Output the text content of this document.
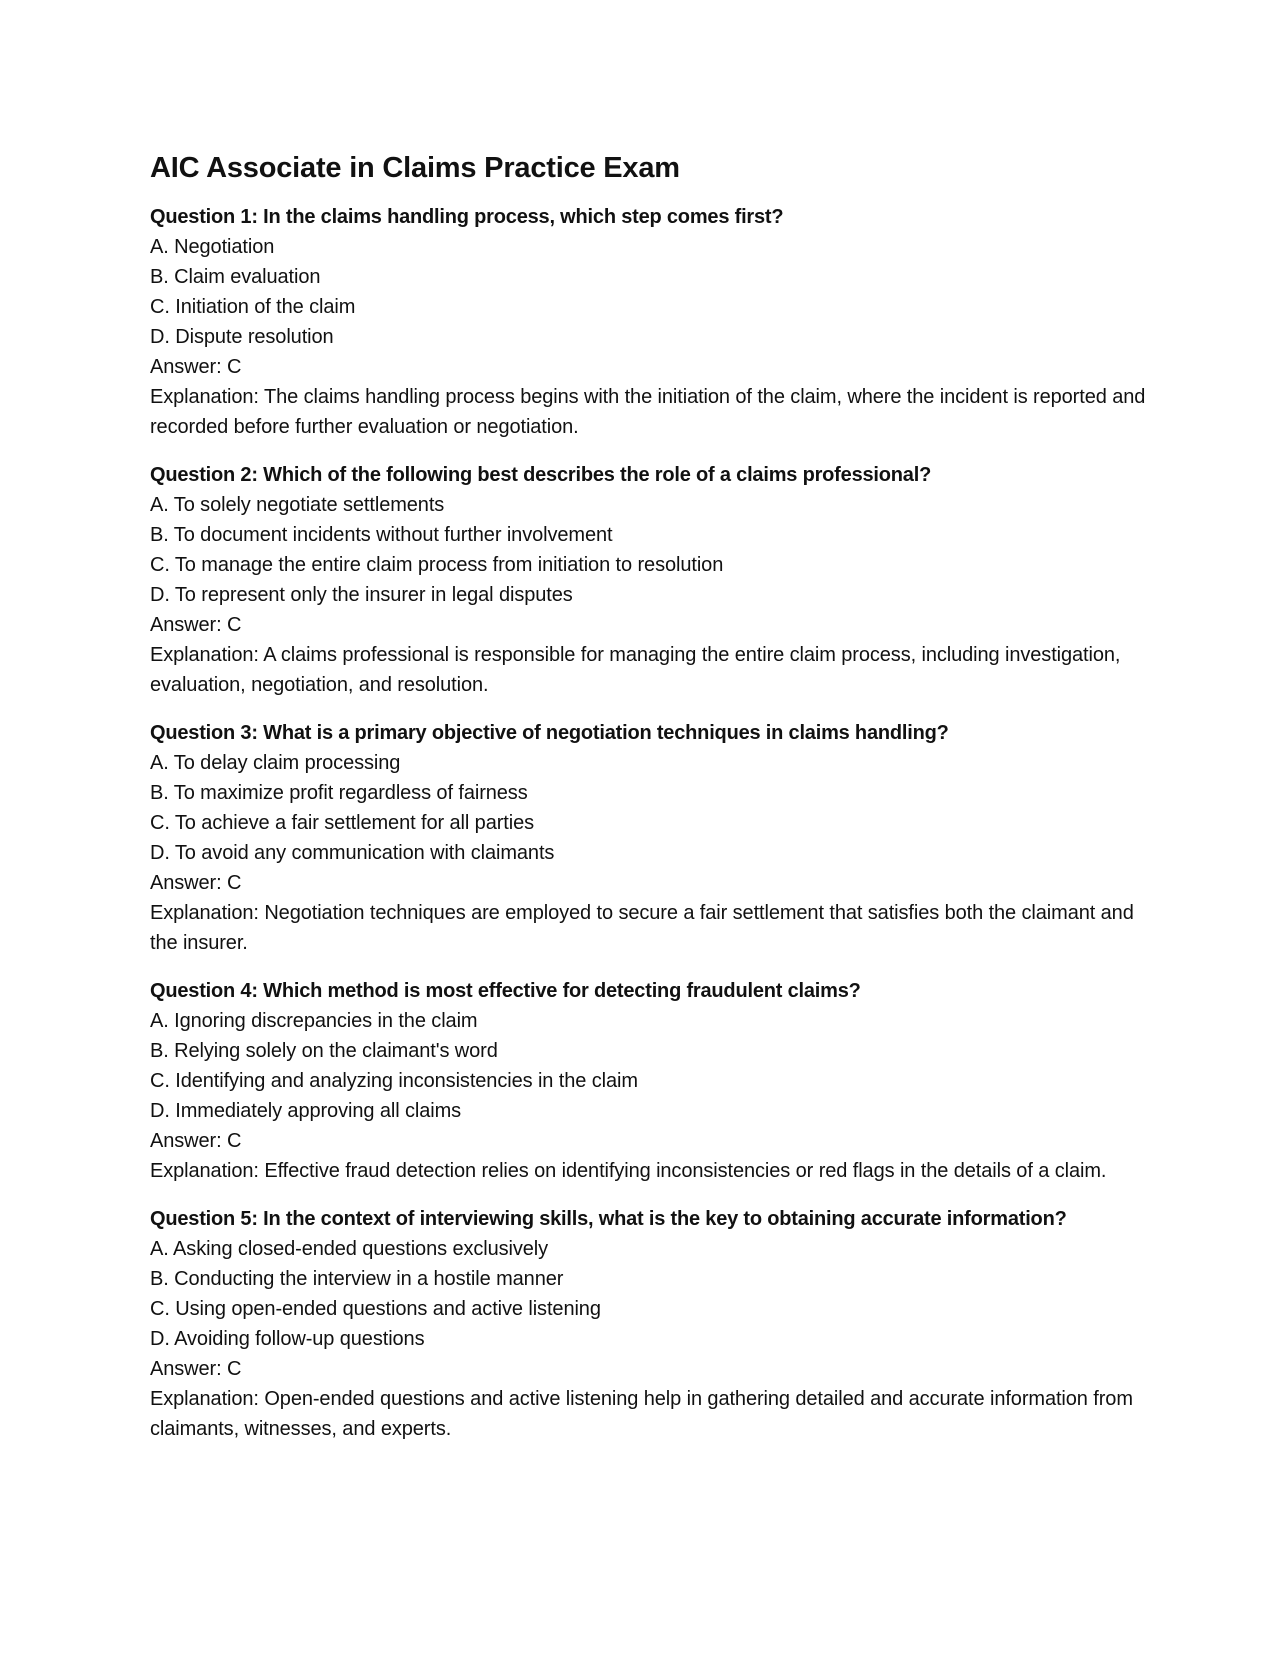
AIC Associate in Claims Practice Exam
Question 1: In the claims handling process, which step comes first?
A. Negotiation
B. Claim evaluation
C. Initiation of the claim
D. Dispute resolution
Answer: C
Explanation: The claims handling process begins with the initiation of the claim, where the incident is reported and recorded before further evaluation or negotiation.
Question 2: Which of the following best describes the role of a claims professional?
A. To solely negotiate settlements
B. To document incidents without further involvement
C. To manage the entire claim process from initiation to resolution
D. To represent only the insurer in legal disputes
Answer: C
Explanation: A claims professional is responsible for managing the entire claim process, including investigation, evaluation, negotiation, and resolution.
Question 3: What is a primary objective of negotiation techniques in claims handling?
A. To delay claim processing
B. To maximize profit regardless of fairness
C. To achieve a fair settlement for all parties
D. To avoid any communication with claimants
Answer: C
Explanation: Negotiation techniques are employed to secure a fair settlement that satisfies both the claimant and the insurer.
Question 4: Which method is most effective for detecting fraudulent claims?
A. Ignoring discrepancies in the claim
B. Relying solely on the claimant's word
C. Identifying and analyzing inconsistencies in the claim
D. Immediately approving all claims
Answer: C
Explanation: Effective fraud detection relies on identifying inconsistencies or red flags in the details of a claim.
Question 5: In the context of interviewing skills, what is the key to obtaining accurate information?
A. Asking closed-ended questions exclusively
B. Conducting the interview in a hostile manner
C. Using open-ended questions and active listening
D. Avoiding follow-up questions
Answer: C
Explanation: Open-ended questions and active listening help in gathering detailed and accurate information from claimants, witnesses, and experts.
